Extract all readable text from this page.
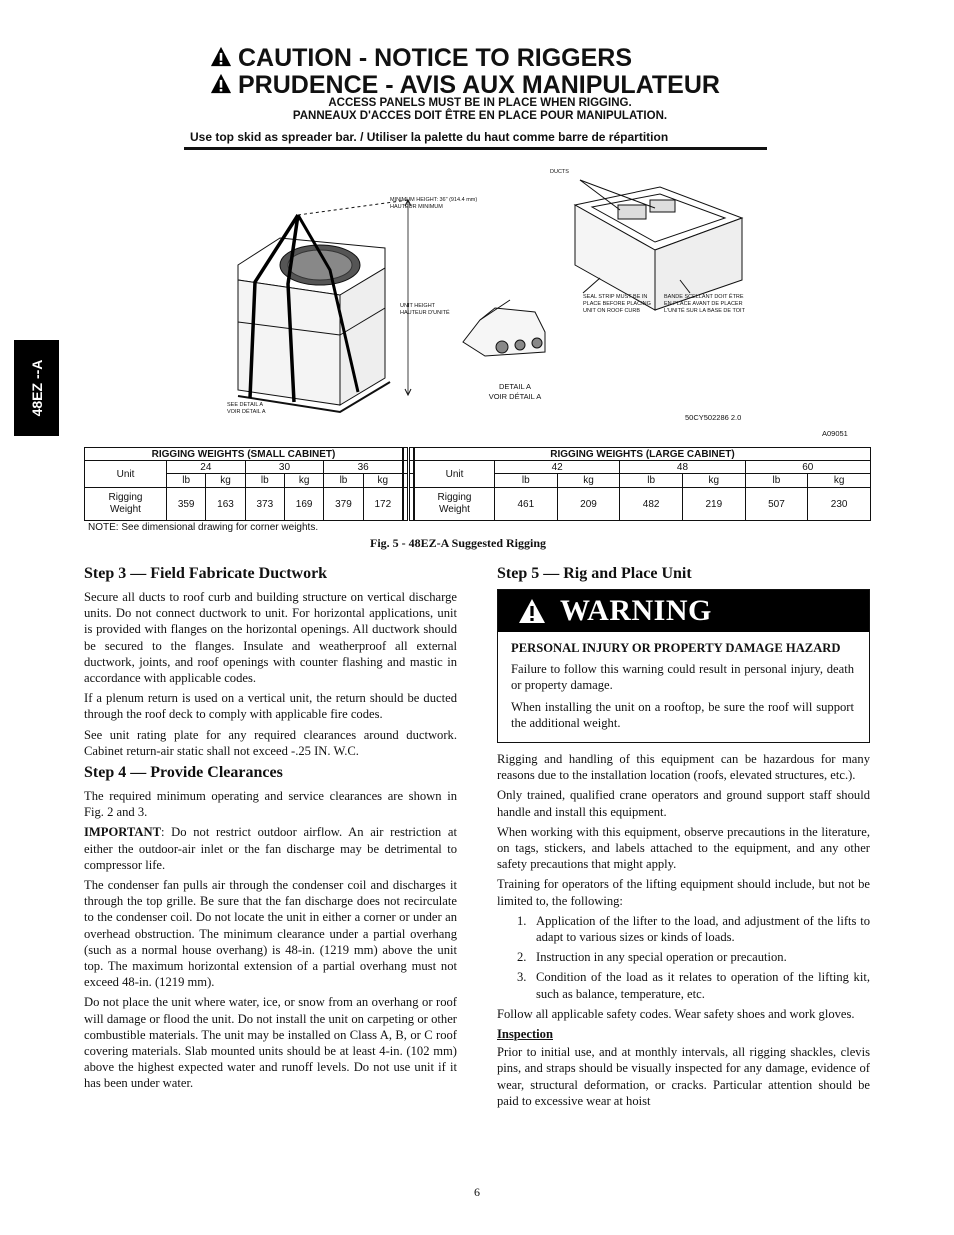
CAUTION - NOTICE TO RIGGERS
PRUDENCE - AVIS AUX MANIPULATEUR
ACCESS PANELS MUST BE IN PLACE WHEN RIGGING.
PANNEAUX D'ACCES DOIT ÊTRE EN PLACE POUR MANIPULATION.
Use top skid as spreader bar. / Utiliser la palette du haut comme barre de répartition
48EZ --A
MINIMUM HEIGHT: 36" (914.4 mm)
HAUTEUR MINIMUM
UNIT HEIGHT
HAUTEUR D'UNITÉ
SEE DETAIL A
VOIR DÉTAIL A
DETAIL A
VOIR DÉTAIL A
DUCTS
SEAL STRIP MUST BE IN
PLACE BEFORE PLACING
UNIT ON ROOF CURB
BANDE SCELLANT DOIT ÊTRE
EN PLACE AVANT DE PLACER
L'UNITÉ SUR LA BASE DE TOIT
50CY502286 2.0
A09051
RIGGING WEIGHTS (SMALL CABINET)						
Unit	24		30		36	
	lb	kg	lb	kg	lb	kg

Rigging
Weight	359	163	373	169	379	172
RIGGING WEIGHTS (LARGE CABINET)						
Unit	42		48		60	
	lb	kg	lb	kg	lb	kg

Rigging
Weight	461	209	482	219	507	230
NOTE: See dimensional drawing for corner weights.
Fig. 5 - 48EZ-A Suggested Rigging
Step 3 — Field Fabricate Ductwork

Secure all ducts to roof curb and building structure on vertical discharge units. Do not connect ductwork to unit. For horizontal applications, unit is provided with flanges on the horizontal openings. All ductwork should be secured to the flanges. Insulate and weatherproof all external ductwork, joints, and roof openings with counter flashing and mastic in accordance with applicable codes.

If a plenum return is used on a vertical unit, the return should be ducted through the roof deck to comply with applicable fire codes.

See unit rating plate for any required clearances around ductwork. Cabinet return-air static shall not exceed -.25 IN. W.C.

Step 4 — Provide Clearances

The required minimum operating and service clearances are shown in Fig. 2 and 3.

IMPORTANT: Do not restrict outdoor airflow. An air restriction at either the outdoor-air inlet or the fan discharge may be detrimental to compressor life.

The condenser fan pulls air through the condenser coil and discharges it through the top grille. Be sure that the fan discharge does not recirculate to the condenser coil. Do not locate the unit in either a corner or under an overhead obstruction. The minimum clearance under a partial overhang (such as a normal house overhang) is 48-in. (1219 mm) above the unit top. The maximum horizontal extension of a partial overhang must not exceed 48-in. (1219 mm).

Do not place the unit where water, ice, or snow from an overhang or roof will damage or flood the unit. Do not install the unit on carpeting or other combustible materials. The unit may be installed on Class A, B, or C roof covering materials. Slab mounted units should be at least 4-in. (102 mm) above the highest expected water and runoff levels. Do not use unit if it has been under water.

Step 5 — Rig and Place Unit
WARNING

PERSONAL INJURY OR PROPERTY DAMAGE HAZARD

Failure to follow this warning could result in personal injury, death or property damage.

When installing the unit on a rooftop, be sure the roof will support the additional weight.

Rigging and handling of this equipment can be hazardous for many reasons due to the installation location (roofs, elevated structures, etc.).

Only trained, qualified crane operators and ground support staff should handle and install this equipment.

When working with this equipment, observe precautions in the literature, on tags, stickers, and labels attached to the equipment, and any other safety precautions that might apply.

Training for operators of the lifting equipment should include, but not be limited to, the following:

1. Application of the lifter to the load, and adjustment of the lifts to adapt to various sizes or kinds of loads.
2. Instruction in any special operation or precaution.
3. Condition of the load as it relates to operation of the lifting kit, such as balance, temperature, etc.

Follow all applicable safety codes. Wear safety shoes and work gloves.

Inspection

Prior to initial use, and at monthly intervals, all rigging shackles, clevis pins, and straps should be visually inspected for any damage, evidence of wear, structural deformation, or cracks. Particular attention should be paid to excessive wear at hoist

6
